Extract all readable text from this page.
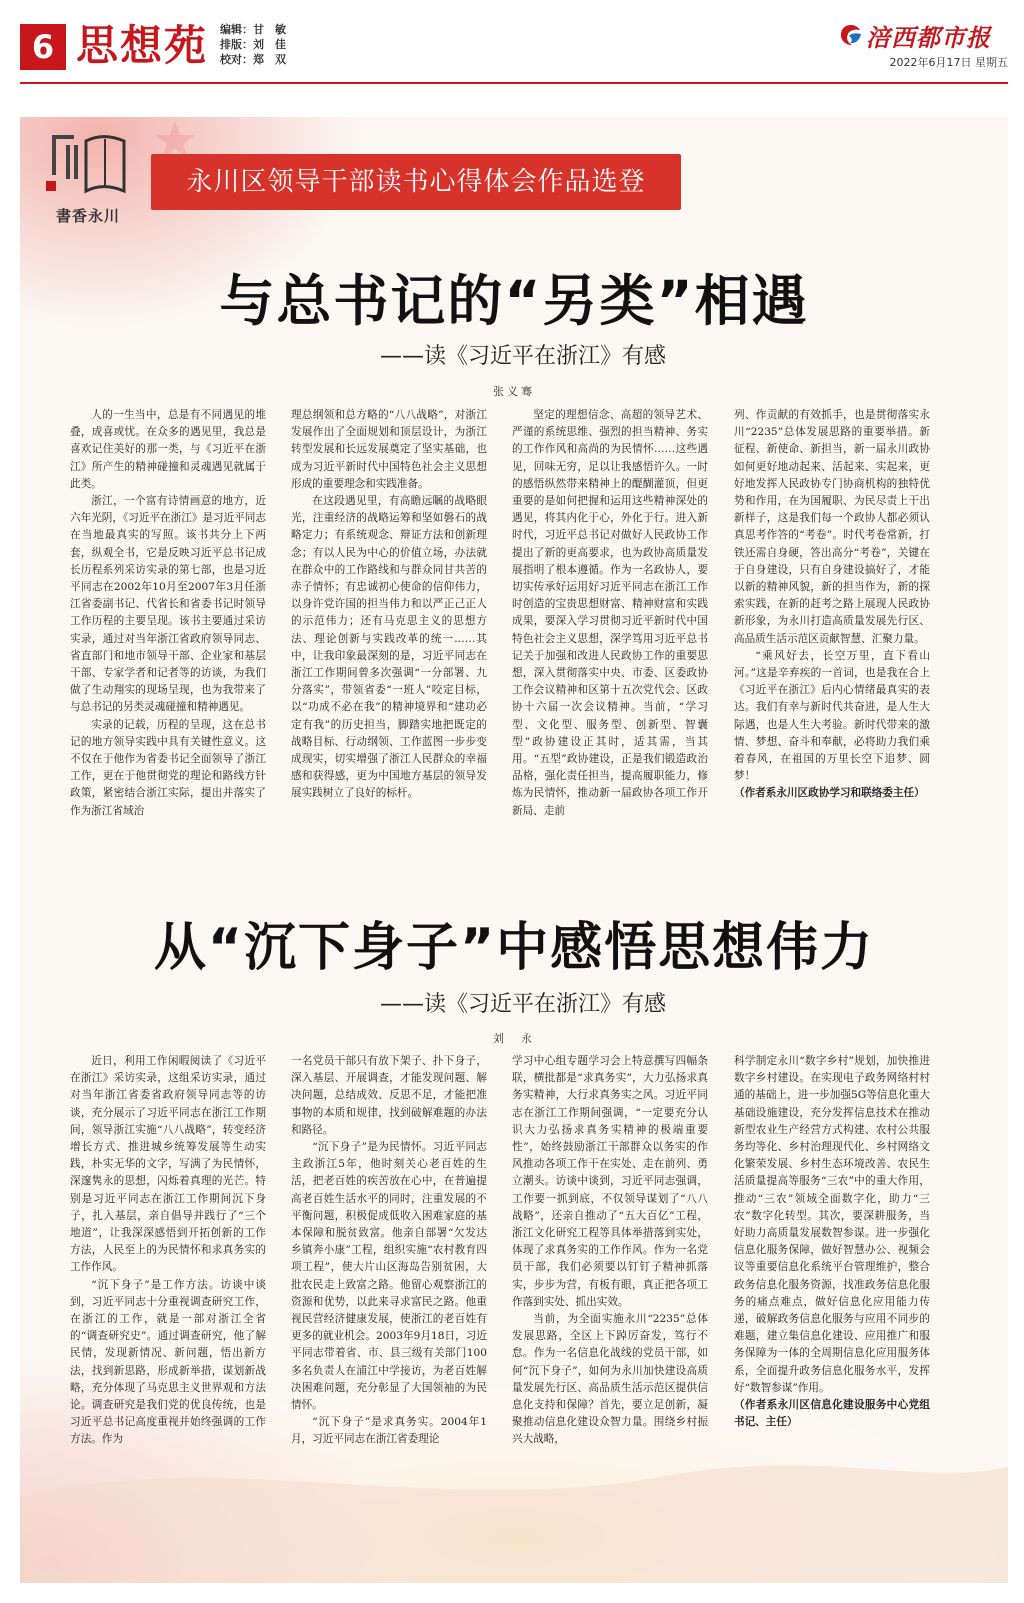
6 思想苑 编辑：甘　敏
排版：刘　佳
校对：郑　双
涪西都市报
2022年6月17日 星期五
書香永川
永川区领导干部读书心得体会作品选登
与总书记的“另类”相遇
——读《习近平在浙江》有感
张义骞

人的一生当中，总是有不同遇见的堆叠，成喜或忧。在众多的遇见里，我总是喜欢记住美好的那一类，与《习近平在浙江》所产生的精神碰撞和灵魂遇见就属于此类。

浙江，一个富有诗情画意的地方，近六年光阴，《习近平在浙江》是习近平同志在当地最真实的写照。该书共分上下两套，纵观全书，它是反映习近平总书记成长历程系列采访实录的第七部，也是习近平同志在2002年10月至2007年3月任浙江省委副书记、代省长和省委书记时领导工作历程的主要呈现。该书主要通过采访实录，通过对当年浙江省政府领导同志、省直部门和地市领导干部、企业家和基层干部、专家学者和记者等的访谈，为我们做了生动翔实的现场呈现，也为我带来了与总书记的另类灵魂碰撞和精神遇见。

实录的记载，历程的呈现，这在总书记的地方领导实践中具有关键性意义。这不仅在于他作为省委书记全面领导了浙江工作，更在于他贯彻党的理论和路线方针政策，紧密结合浙江实际，提出并落实了作为浙江省域治

理总纲领和总方略的“八八战略”，对浙江发展作出了全面规划和顶层设计，为浙江转型发展和长远发展奠定了坚实基础，也成为习近平新时代中国特色社会主义思想形成的重要理念和实践准备。

在这段遇见里，有高瞻远瞩的战略眼光，注重经济的战略运筹和坚如磐石的战略定力；有系统观念、辩证方法和创新理念；有以人民为中心的价值立场，办法就在群众中的工作路线和与群众同甘共苦的赤子情怀；有忠诚初心使命的信仰伟力，以身许党许国的担当伟力和以严正己正人的示范伟力；还有马克思主义的思想方法、理论创新与实践改革的统一……其中，让我印象最深刻的是，习近平同志在浙江工作期间曾多次强调“一分部署、九分落实”，带领省委“一班人”咬定目标，以“功成不必在我”的精神境界和“建功必定有我”的历史担当，脚踏实地把既定的战略目标、行动纲领、工作蓝图一步步变成现实，切实增强了浙江人民群众的幸福感和获得感，更为中国地方基层的领导发展实践树立了良好的标杆。

坚定的理想信念、高超的领导艺术、严谨的系统思维、强烈的担当精神、务实的工作作风和高尚的为民情怀……这些遇见，回味无穷，足以让我感悟许久。一时的感悟纵然带来精神上的醍醐灌顶，但更重要的是如何把握和运用这些精神深处的遇见，将其内化于心，外化于行。进入新时代，习近平总书记对做好人民政协工作提出了新的更高要求，也为政协高质量发展指明了根本遵循。作为一名政协人，要切实传承好运用好习近平同志在浙江工作时创造的宝贵思想财富、精神财富和实践成果，要深入学习贯彻习近平新时代中国特色社会主义思想，深学笃用习近平总书记关于加强和改进人民政协工作的重要思想，深入贯彻落实中央、市委、区委政协工作会议精神和区第十五次党代会、区政协十六届一次会议精神。当前，“学习型、文化型、服务型、创新型、智囊型”政协建设正其时，适其需，当其用。“五型”政协建设，正是我们锻造政治品格，强化责任担当，提高履职能力，修炼为民情怀，推动新一届政协各项工作开新局、走前

列、作贡献的有效抓手，也是贯彻落实永川“2235”总体发展思路的重要举措。新征程、新使命、新担当，新一届永川政协如何更好地动起来、活起来、实起来，更好地发挥人民政协专门协商机构的独特优势和作用，在为国履职、为民尽责上干出新样子，这是我们每一个政协人都必须认真思考作答的“考卷”。时代考卷常新，打铁还需自身硬，答出高分“考卷”，关键在于自身建设，只有自身建设搞好了，才能以新的精神风貌，新的担当作为，新的探索实践，在新的赶考之路上展现人民政协新形象，为永川打造高质量发展先行区、高品质生活示范区贡献智慧、汇聚力量。

“乘风好去，长空万里，直下看山河。”这是辛弃疾的一首词，也是我在合上《习近平在浙江》后内心情绪最真实的表达。我们有幸与新时代共奋进，是人生大际遇，也是人生大考验。新时代带来的激情、梦想、奋斗和奉献，必将助力我们乘着春风，在祖国的万里长空下追梦、圆梦！

（作者系永川区政协学习和联络委主任）

从“沉下身子”中感悟思想伟力
——读《习近平在浙江》有感
刘　永

近日，利用工作闲暇阅读了《习近平在浙江》采访实录，这组采访实录，通过对当年浙江省委省政府领导同志等的访谈，充分展示了习近平同志在浙江工作期间，领导浙江实施“八八战略”，转变经济增长方式、推进城乡统筹发展等生动实践，朴实无华的文字，写满了为民情怀，深邃隽永的思想，闪烁着真理的光芒。特别是习近平同志在浙江工作期间沉下身子，扎入基层，亲自倡导并践行了“三个地道”，让我深深感悟到开拓创新的工作方法，人民至上的为民情怀和求真务实的工作作风。

“沉下身子”是工作方法。访谈中谈到，习近平同志十分重视调查研究工作，在浙江的工作，就是一部对浙江全省的“调查研究史”。通过调查研究，他了解民情，发现新情况、新问题，悟出新方法，找到新思路，形成新举措，谋划新战略，充分体现了马克思主义世界观和方法论。调查研究是我们党的优良传统，也是习近平总书记高度重视并始终强调的工作方法。作为

一名党员干部只有放下架子、扑下身子，深入基层、开展调查，才能发现问题、解决问题，总结成效、反思不足，才能把准事物的本质和规律，找到破解难题的办法和路径。

“沉下身子”是为民情怀。习近平同志主政浙江5年，他时刻关心老百姓的生活，把老百姓的疾苦放在心中，在普遍提高老百姓生活水平的同时，注重发展的不平衡问题，积极促成低收入困难家庭的基本保障和脱贫致富。他亲自部署“欠发达乡镇奔小康”工程，组织实施“农村教育四项工程”，使大片山区海岛告别贫困，大批农民走上致富之路。他留心观察浙江的资源和优势，以此来寻求富民之路。他重视民营经济健康发展，使浙江的老百姓有更多的就业机会。2003年9月18日，习近平同志带着省、市、县三级有关部门100多名负责人在浦江中学接访，为老百姓解决困难问题，充分彰显了大国领袖的为民情怀。

“沉下身子”是求真务实。2004年1月，习近平同志在浙江省委理论

学习中心组专题学习会上特意撰写四幅条联，横批都是“求真务实”，大力弘扬求真务实精神，大行求真务实之风。习近平同志在浙江工作期间强调，“一定要充分认识大力弘扬求真务实精神的极端重要性”，始终鼓励浙江干部群众以务实的作风推动各项工作干在实处、走在前列、勇立潮头。访谈中谈到，习近平同志强调，工作要一抓到底，不仅领导谋划了“八八战略”，还亲自推动了“五大百亿”工程，浙江文化研究工程等具体举措落到实处，体现了求真务实的工作作风。作为一名党员干部，我们必须要以钉钉子精神抓落实，步步为营，有板有眼，真正把各项工作落到实处、抓出实效。

当前，为全面实施永川“2235”总体发展思路，全区上下踔厉奋发，笃行不怠。作为一名信息化战线的党员干部，如何“沉下身子”，如何为永川加快建设高质量发展先行区、高品质生活示范区提供信息化支持和保障？首先，要立足创新，凝聚推动信息化建设众智力量。围绕乡村振兴大战略，

科学制定永川“数字乡村”规划，加快推进数字乡村建设。在实现电子政务网络村村通的基础上，进一步加强5G等信息化重大基础设施建设，充分发挥信息技术在推动新型农业生产经营方式构建、农村公共服务均等化、乡村治理现代化、乡村网络文化繁荣发展、乡村生态环境改善、农民生活质量提高等服务“三农”中的重大作用，推动“三农”领域全面数字化，助力“三农”数字化转型。其次，要深耕服务，当好助力高质量发展数智参谋。进一步强化信息化服务保障，做好智慧办公、视频会议等重要信息化系统平台管理维护，整合政务信息化服务资源，找准政务信息化服务的痛点难点，做好信息化应用能力传递，破解政务信息化服务与应用不同步的难题，建立集信息化建设、应用推广和服务保障为一体的全周期信息化应用服务体系，全面提升政务信息化服务水平，发挥好“数智参谋”作用。

（作者系永川区信息化建设服务中心党组书记、主任）
